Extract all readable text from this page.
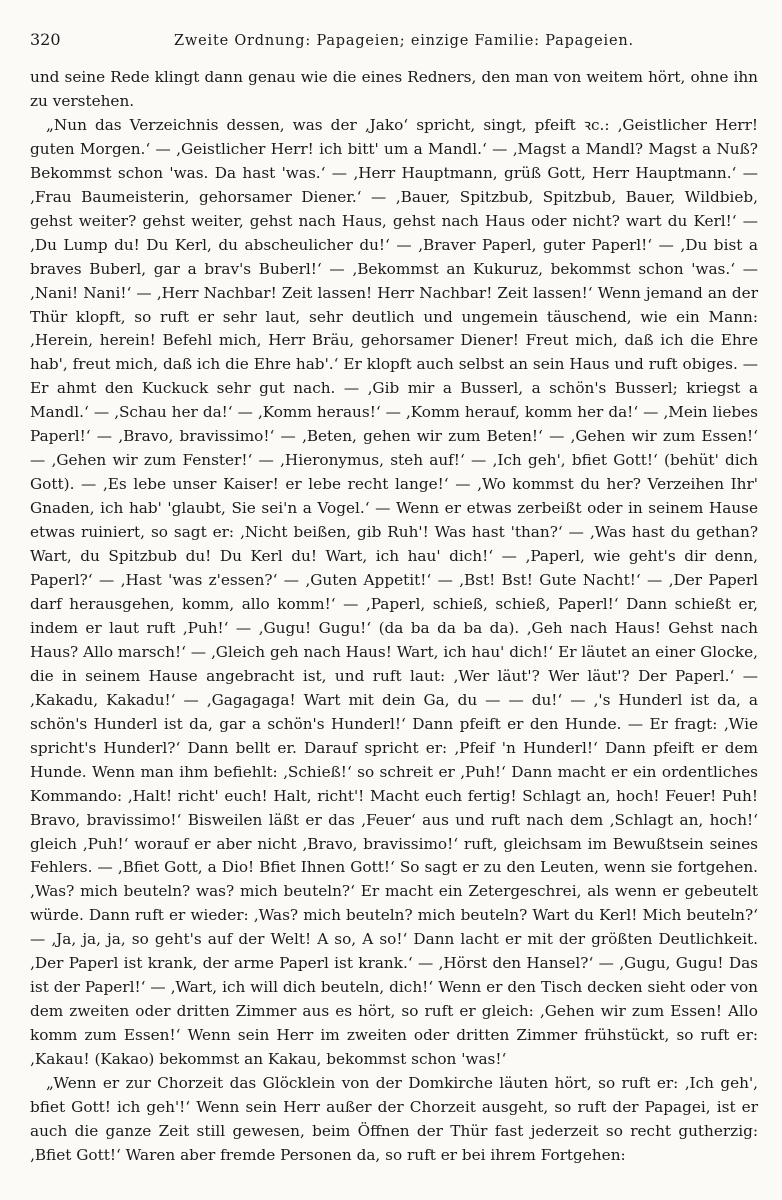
320	Zweite Ordnung: Papageien; einzige Familie: Papageien.

und seine Rede klingt dann genau wie die eines Redners, den man von weitem hört, ohne ihn zu verstehen.

„Nun das Verzeichnis dessen, was der ‚Jako‘ spricht, singt, pfeift ꝛc.: ‚Geistlicher Herr! guten Morgen.‘ — ‚Geistlicher Herr! ich bitt' um a Mandl.‘ — ‚Magst a Mandl? Magst a Nuß? Bekommst schon 'was. Da hast 'was.‘ — ‚Herr Hauptmann, grüß Gott, Herr Hauptmann.‘ — ‚Frau Baumeisterin, gehorsamer Diener.‘ — ‚Bauer, Spitzbub, Spitzbub, Bauer, Wildbieb, gehst weiter? gehst weiter, gehst nach Haus, gehst nach Haus oder nicht? wart du Kerl!‘ — ‚Du Lump du! Du Kerl, du abscheulicher du!‘ — ‚Braver Paperl, guter Paperl!‘ — ‚Du bist a braves Buberl, gar a brav's Buberl!‘ — ‚Bekommst an Kukuruz, bekommst schon 'was.‘ — ‚Nani! Nani!‘ — ‚Herr Nachbar! Zeit lassen! Herr Nachbar! Zeit lassen!‘ Wenn jemand an der Thür klopft, so ruft er sehr laut, sehr deutlich und ungemein täuschend, wie ein Mann: ‚Herein, herein! Befehl mich, Herr Bräu, gehorsamer Diener! Freut mich, daß ich die Ehre hab', freut mich, daß ich die Ehre hab'.‘ Er klopft auch selbst an sein Haus und ruft obiges. — Er ahmt den Kuckuck sehr gut nach. — ‚Gib mir a Busserl, a schön's Busserl; kriegst a Mandl.‘ — ‚Schau her da!‘ — ‚Komm heraus!‘ — ‚Komm herauf, komm her da!‘ — ‚Mein liebes Paperl!‘ — ‚Bravo, bravissimo!‘ — ‚Beten, gehen wir zum Beten!‘ — ‚Gehen wir zum Essen!‘ — ‚Gehen wir zum Fenster!‘ — ‚Hieronymus, steh auf!‘ — ‚Ich geh', bfiet Gott!‘ (behüt' dich Gott). — ‚Es lebe unser Kaiser! er lebe recht lange!‘ — ‚Wo kommst du her? Verzeihen Ihr' Gnaden, ich hab' 'glaubt, Sie sei'n a Vogel.‘ — Wenn er etwas zerbeißt oder in seinem Hause etwas ruiniert, so sagt er: ‚Nicht beißen, gib Ruh'! Was hast 'than?‘ — ‚Was hast du gethan? Wart, du Spitzbub du! Du Kerl du! Wart, ich hau' dich!‘ — ‚Paperl, wie geht's dir denn, Paperl?‘ — ‚Hast 'was z'essen?‘ — ‚Guten Appetit!‘ — ‚Bst! Bst! Gute Nacht!‘ — ‚Der Paperl darf herausgehen, komm, allo komm!‘ — ‚Paperl, schieß, schieß, Paperl!‘ Dann schießt er, indem er laut ruft ‚Puh!‘ — ‚Gugu! Gugu!‘ (da ba da ba da). ‚Geh nach Haus! Gehst nach Haus? Allo marsch!‘ — ‚Gleich geh nach Haus! Wart, ich hau' dich!‘ Er läutet an einer Glocke, die in seinem Hause angebracht ist, und ruft laut: ‚Wer läut'? Wer läut'? Der Paperl.‘ — ‚Kakadu, Kakadu!‘ — ‚Gagagaga! Wart mit dein Ga, du — — du!‘ — ‚'s Hunderl ist da, a schön's Hunderl ist da, gar a schön's Hunderl!‘ Dann pfeift er den Hunde. — Er fragt: ‚Wie spricht's Hunderl?‘ Dann bellt er. Darauf spricht er: ‚Pfeif 'n Hunderl!‘ Dann pfeift er dem Hunde. Wenn man ihm befiehlt: ‚Schieß!‘ so schreit er ‚Puh!‘ Dann macht er ein ordentliches Kommando: ‚Halt! richt' euch! Halt, richt'! Macht euch fertig! Schlagt an, hoch! Feuer! Puh! Bravo, bravissimo!‘ Bisweilen läßt er das ‚Feuer‘ aus und ruft nach dem ‚Schlagt an, hoch!‘ gleich ‚Puh!‘ worauf er aber nicht ‚Bravo, bravissimo!‘ ruft, gleichsam im Bewußtsein seines Fehlers. — ‚Bfiet Gott, a Dio! Bfiet Ihnen Gott!‘ So sagt er zu den Leuten, wenn sie fortgehen. ‚Was? mich beuteln? was? mich beuteln?‘ Er macht ein Zetergeschrei, als wenn er gebeutelt würde. Dann ruft er wieder: ‚Was? mich beuteln? mich beuteln? Wart du Kerl! Mich beuteln?‘ — ‚Ja, ja, ja, so geht's auf der Welt! A so, A so!‘ Dann lacht er mit der größten Deutlichkeit. ‚Der Paperl ist krank, der arme Paperl ist krank.‘ — ‚Hörst den Hansel?‘ — ‚Gugu, Gugu! Das ist der Paperl!‘ — ‚Wart, ich will dich beuteln, dich!‘ Wenn er den Tisch decken sieht oder von dem zweiten oder dritten Zimmer aus es hört, so ruft er gleich: ‚Gehen wir zum Essen! Allo komm zum Essen!‘ Wenn sein Herr im zweiten oder dritten Zimmer frühstückt, so ruft er: ‚Kakau! (Kakao) bekommst an Kakau, bekommst schon 'was!‘

„Wenn er zur Chorzeit das Glöcklein von der Domkirche läuten hört, so ruft er: ‚Ich geh', bfiet Gott! ich geh'!‘ Wenn sein Herr außer der Chorzeit ausgeht, so ruft der Papagei, ist er auch die ganze Zeit still gewesen, beim Öffnen der Thür fast jederzeit so recht gutherzig: ‚Bfiet Gott!‘ Waren aber fremde Personen da, so ruft er bei ihrem Fortgehen:
